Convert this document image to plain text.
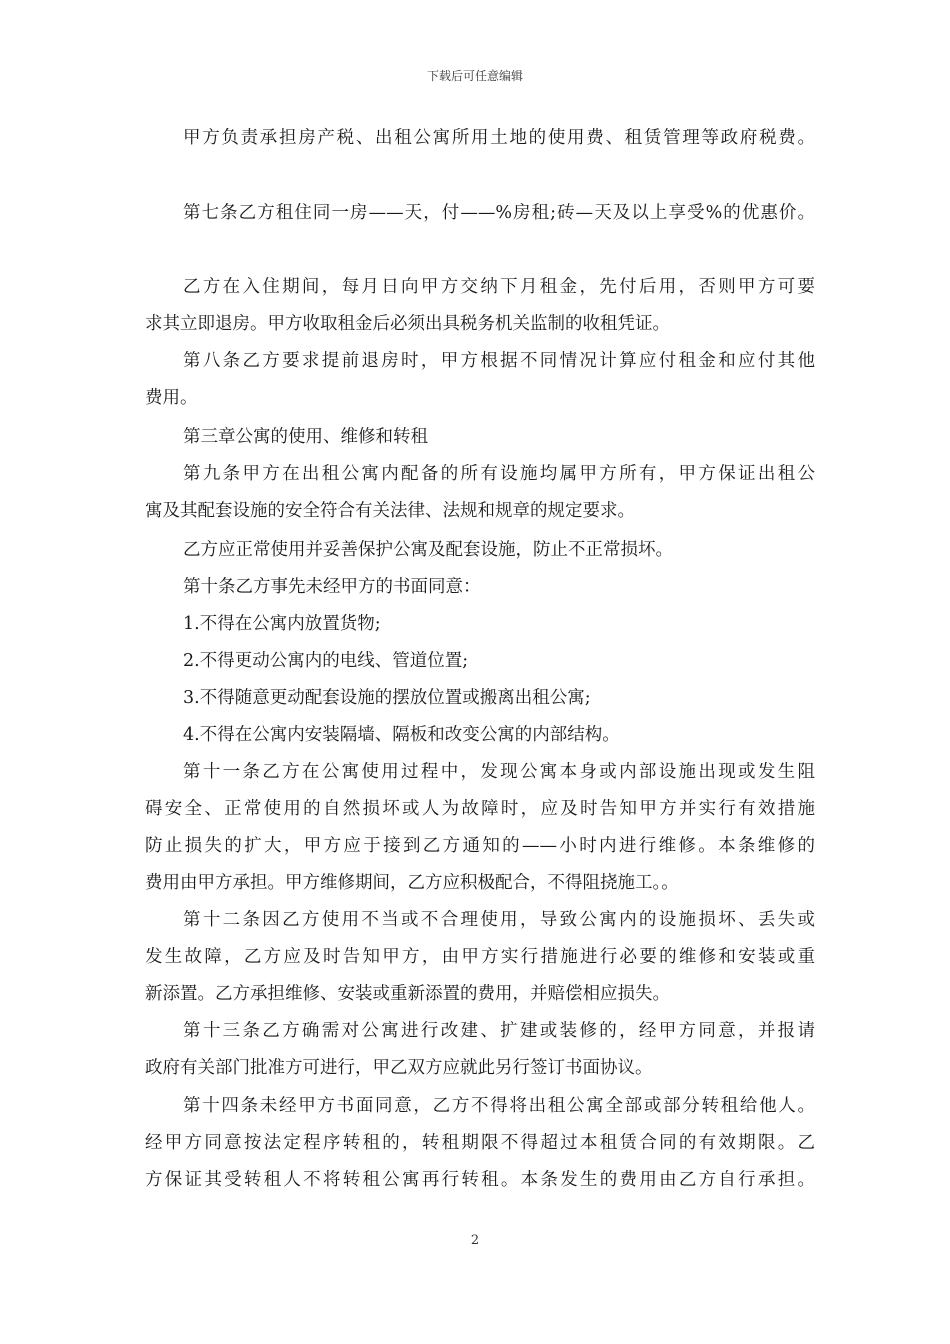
下载后可任意编辑
甲方负责承担房产税、出租公寓所用土地的使用费、租赁管理等政府税费。
第七条乙方租住同一房——天，付——%房租;砖—天及以上享受%的优惠价。
乙方在入住期间，每月日向甲方交纳下月租金，先付后用，否则甲方可要
求其立即退房。甲方收取租金后必须出具税务机关监制的收租凭证。
第八条乙方要求提前退房时，甲方根据不同情况计算应付租金和应付其他
费用。
第三章公寓的使用、维修和转租
第九条甲方在出租公寓内配备的所有设施均属甲方所有，甲方保证出租公
寓及其配套设施的安全符合有关法律、法规和规章的规定要求。
乙方应正常使用并妥善保护公寓及配套设施，防止不正常损坏。
第十条乙方事先未经甲方的书面同意：
1.不得在公寓内放置货物;
2.不得更动公寓内的电线、管道位置;
3.不得随意更动配套设施的摆放位置或搬离出租公寓;
4.不得在公寓内安装隔墙、隔板和改变公寓的内部结构。
第十一条乙方在公寓使用过程中，发现公寓本身或内部设施出现或发生阻
碍安全、正常使用的自然损坏或人为故障时，应及时告知甲方并实行有效措施
防止损失的扩大，甲方应于接到乙方通知的——小时内进行维修。本条维修的
费用由甲方承担。甲方维修期间，乙方应积极配合，不得阻挠施工。。
第十二条因乙方使用不当或不合理使用，导致公寓内的设施损坏、丢失或
发生故障，乙方应及时告知甲方，由甲方实行措施进行必要的维修和安装或重
新添置。乙方承担维修、安装或重新添置的费用，并赔偿相应损失。
第十三条乙方确需对公寓进行改建、扩建或装修的，经甲方同意，并报请
政府有关部门批准方可进行，甲乙双方应就此另行签订书面协议。
第十四条未经甲方书面同意，乙方不得将出租公寓全部或部分转租给他人。
经甲方同意按法定程序转租的，转租期限不得超过本租赁合同的有效期限。乙
方保证其受转租人不将转租公寓再行转租。本条发生的费用由乙方自行承担。
2
